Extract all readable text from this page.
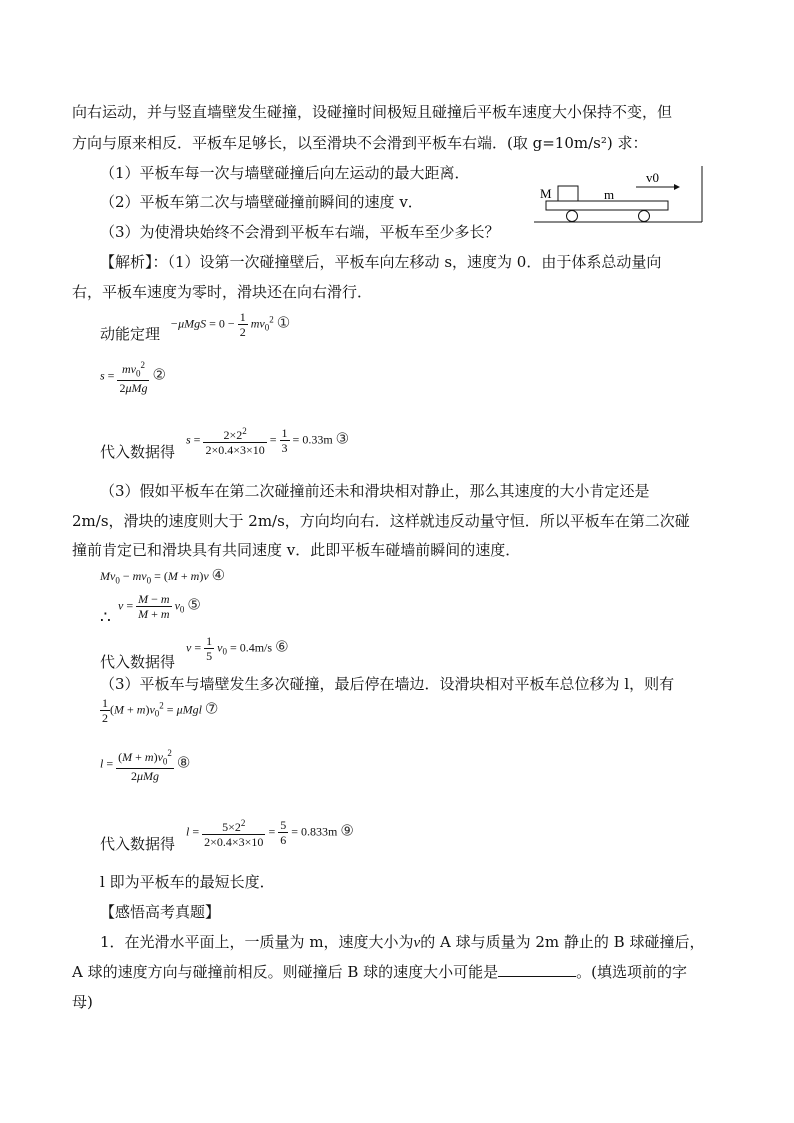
向右运动，并与竖直墙壁发生碰撞，设碰撞时间极短且碰撞后平板车速度大小保持不变，但
方向与原来相反．平板车足够长，以至滑块不会滑到平板车右端．(取 g=10m/s²) 求：
（1）平板车每一次与墙壁碰撞后向左运动的最大距离．
（2）平板车第二次与墙壁碰撞前瞬间的速度 v．
（3）为使滑块始终不会滑到平板车右端，平板车至少多长？
M	m
v0
【解析】：（1）设第一次碰撞壁后，平板车向左移动 s，速度为 0．由于体系总动量向
右，平板车速度为零时，滑块还在向右滑行．
动能定理
$-\mu MgS = 0 - \frac{1}{2} mv_0^2$ ①
$s = \frac{mv_0^2}{\text{2μMg}}$ ②
代入数据得
$s = \frac{2\times 2^2}{2\times 0.4\times 3\times 10} = \frac{1}{3} = 0.33m$ ③
（3）假如平板车在第二次碰撞前还未和滑块相对静止，那么其速度的大小肯定还是
2m/s，滑块的速度则大于 2m/s，方向均向右．这样就违反动量守恒．所以平板车在第二次碰
撞前肯定已和滑块具有共同速度 v．此即平板车碰墙前瞬间的速度．
$Mv_0 - mv_0 = (M + m)v$ ④
∴
$v = \frac{M - m}{M + m} v_0$ ⑤
代入数据得
$v = \frac{1}{5} v_0 = 0.4m/s$ ⑥
（3）平板车与墙壁发生多次碰撞，最后停在墙边．设滑块相对平板车总位移为 l，则有
$\frac{1}{2} (M + m)v_0^2 = \mu Mgl$ ⑦
$l = \frac{(M + m)v_0^2}{\text{2μMg}}$ ⑧
代入数据得
$l = \frac{5\times 2^2}{2\times 0.4\times 3\times 10} = \frac{5}{6} = 0.833m$ ⑨
l 即为平板车的最短长度．
【感悟高考真题】
1．在光滑水平面上，一质量为 m，速度大小为v的 A 球与质量为 2m 静止的 B 球碰撞后，
A 球的速度方向与碰撞前相反。则碰撞后 B 球的速度大小可能是	。(填选项前的字
母)
